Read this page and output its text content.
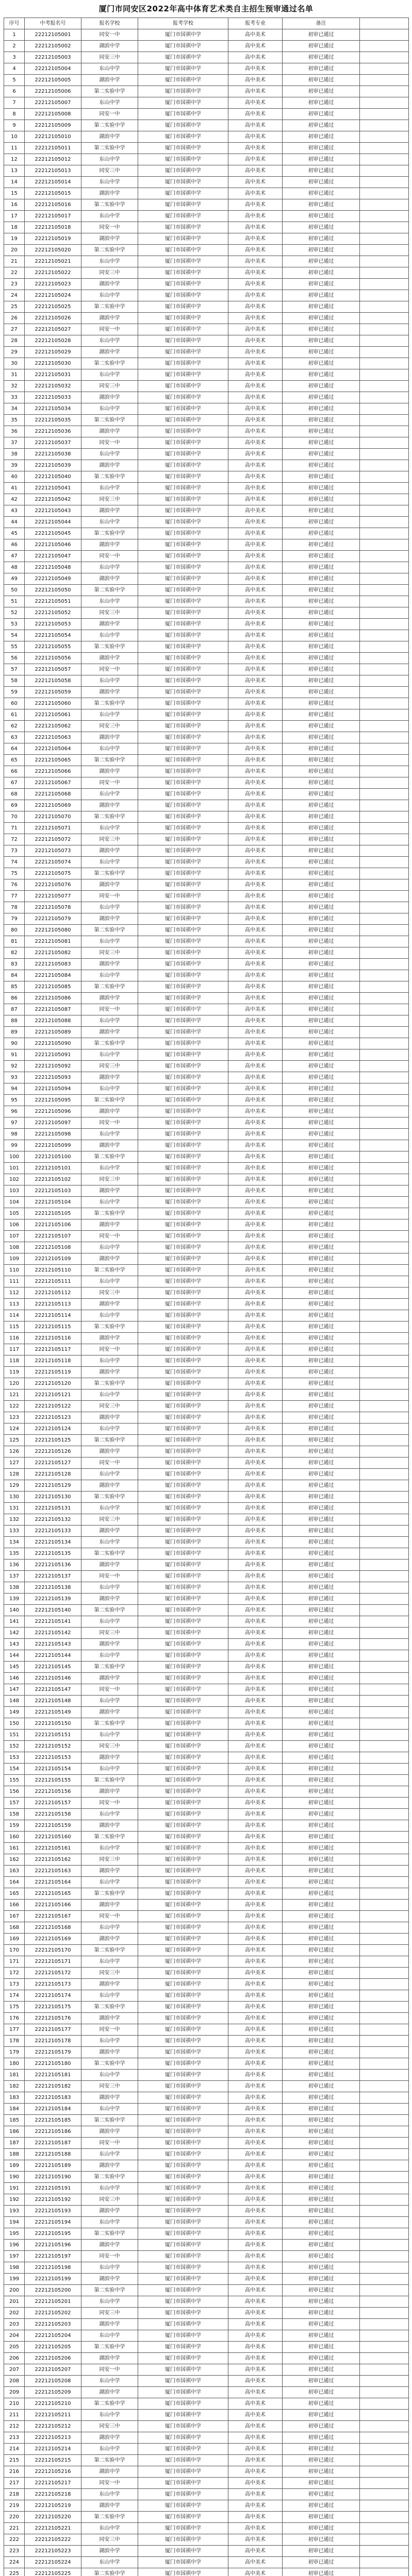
厦门市同安区2022年高中体育艺术类自主招生预审通过名单
序号	中考报名号	报名学校	报考学校	报考专业	备注	
1	22212105001	同安一中	厦门市国祺中学	高中美术	初审已通过	
2	22212105002	湖滨中学	厦门市国祺中学	高中美术	初审已通过	
3	22212105003	同安三中	厦门市国祺中学	高中美术	初审已通过	
4	22212105004	东山中学	厦门市国祺中学	高中美术	初审已通过	
5	22212105005	湖滨中学	厦门市国祺中学	高中美术	初审已通过	
6	22212105006	第二实验中学	厦门市国祺中学	高中美术	初审已通过	
7	22212105007	东山中学	厦门市国祺中学	高中美术	初审已通过	
8	22212105008	同安一中	厦门市国祺中学	高中美术	初审已通过	
9	22212105009	第二实验中学	厦门市国祺中学	高中美术	初审已通过	
10	22212105010	湖滨中学	厦门市国祺中学	高中美术	初审已通过	
11	22212105011	第二实验中学	厦门市国祺中学	高中美术	初审已通过	
12	22212105012	东山中学	厦门市国祺中学	高中美术	初审已通过	
13	22212105013	同安三中	厦门市国祺中学	高中美术	初审已通过	
14	22212105014	东山中学	厦门市国祺中学	高中美术	初审已通过	
15	22212105015	湖滨中学	厦门市国祺中学	高中美术	初审已通过	
16	22212105016	第二实验中学	厦门市国祺中学	高中美术	初审已通过	
17	22212105017	东山中学	厦门市国祺中学	高中美术	初审已通过	
18	22212105018	同安一中	厦门市国祺中学	高中美术	初审已通过	
19	22212105019	湖滨中学	厦门市国祺中学	高中美术	初审已通过	
20	22212105020	第二实验中学	厦门市国祺中学	高中美术	初审已通过	
21	22212105021	东山中学	厦门市国祺中学	高中美术	初审已通过	
22	22212105022	同安三中	厦门市国祺中学	高中美术	初审已通过	
23	22212105023	湖滨中学	厦门市国祺中学	高中美术	初审已通过	
24	22212105024	东山中学	厦门市国祺中学	高中美术	初审已通过	
25	22212105025	第二实验中学	厦门市国祺中学	高中美术	初审已通过	
26	22212105026	湖滨中学	厦门市国祺中学	高中美术	初审已通过	
27	22212105027	同安一中	厦门市国祺中学	高中美术	初审已通过	
28	22212105028	东山中学	厦门市国祺中学	高中美术	初审已通过	
29	22212105029	湖滨中学	厦门市国祺中学	高中美术	初审已通过	
30	22212105030	第二实验中学	厦门市国祺中学	高中美术	初审已通过	
31	22212105031	东山中学	厦门市国祺中学	高中美术	初审已通过	
32	22212105032	同安三中	厦门市国祺中学	高中美术	初审已通过	
33	22212105033	湖滨中学	厦门市国祺中学	高中美术	初审已通过	
34	22212105034	东山中学	厦门市国祺中学	高中美术	初审已通过	
35	22212105035	第二实验中学	厦门市国祺中学	高中美术	初审已通过	
36	22212105036	湖滨中学	厦门市国祺中学	高中美术	初审已通过	
37	22212105037	同安一中	厦门市国祺中学	高中美术	初审已通过	
38	22212105038	东山中学	厦门市国祺中学	高中美术	初审已通过	
39	22212105039	湖滨中学	厦门市国祺中学	高中美术	初审已通过	
40	22212105040	第二实验中学	厦门市国祺中学	高中美术	初审已通过	
41	22212105041	东山中学	厦门市国祺中学	高中美术	初审已通过	
42	22212105042	同安三中	厦门市国祺中学	高中美术	初审已通过	
43	22212105043	湖滨中学	厦门市国祺中学	高中美术	初审已通过	
44	22212105044	东山中学	厦门市国祺中学	高中美术	初审已通过	
45	22212105045	第二实验中学	厦门市国祺中学	高中美术	初审已通过	
46	22212105046	湖滨中学	厦门市国祺中学	高中美术	初审已通过	
47	22212105047	同安一中	厦门市国祺中学	高中美术	初审已通过	
48	22212105048	东山中学	厦门市国祺中学	高中美术	初审已通过	
49	22212105049	湖滨中学	厦门市国祺中学	高中美术	初审已通过	
50	22212105050	第二实验中学	厦门市国祺中学	高中美术	初审已通过	
51	22212105051	东山中学	厦门市国祺中学	高中美术	初审已通过	
52	22212105052	同安三中	厦门市国祺中学	高中美术	初审已通过	
53	22212105053	湖滨中学	厦门市国祺中学	高中美术	初审已通过	
54	22212105054	东山中学	厦门市国祺中学	高中美术	初审已通过	
55	22212105055	第二实验中学	厦门市国祺中学	高中美术	初审已通过	
56	22212105056	湖滨中学	厦门市国祺中学	高中美术	初审已通过	
57	22212105057	同安一中	厦门市国祺中学	高中美术	初审已通过	
58	22212105058	东山中学	厦门市国祺中学	高中美术	初审已通过	
59	22212105059	湖滨中学	厦门市国祺中学	高中美术	初审已通过	
60	22212105060	第二实验中学	厦门市国祺中学	高中美术	初审已通过	
61	22212105061	东山中学	厦门市国祺中学	高中美术	初审已通过	
62	22212105062	同安三中	厦门市国祺中学	高中美术	初审已通过	
63	22212105063	湖滨中学	厦门市国祺中学	高中美术	初审已通过	
64	22212105064	东山中学	厦门市国祺中学	高中美术	初审已通过	
65	22212105065	第二实验中学	厦门市国祺中学	高中美术	初审已通过	
66	22212105066	湖滨中学	厦门市国祺中学	高中美术	初审已通过	
67	22212105067	同安一中	厦门市国祺中学	高中美术	初审已通过	
68	22212105068	东山中学	厦门市国祺中学	高中美术	初审已通过	
69	22212105069	湖滨中学	厦门市国祺中学	高中美术	初审已通过	
70	22212105070	第二实验中学	厦门市国祺中学	高中美术	初审已通过	
71	22212105071	东山中学	厦门市国祺中学	高中美术	初审已通过	
72	22212105072	同安三中	厦门市国祺中学	高中美术	初审已通过	
73	22212105073	湖滨中学	厦门市国祺中学	高中美术	初审已通过	
74	22212105074	东山中学	厦门市国祺中学	高中美术	初审已通过	
75	22212105075	第二实验中学	厦门市国祺中学	高中美术	初审已通过	
76	22212105076	湖滨中学	厦门市国祺中学	高中美术	初审已通过	
77	22212105077	同安一中	厦门市国祺中学	高中美术	初审已通过	
78	22212105078	东山中学	厦门市国祺中学	高中美术	初审已通过	
79	22212105079	湖滨中学	厦门市国祺中学	高中美术	初审已通过	
80	22212105080	第二实验中学	厦门市国祺中学	高中美术	初审已通过	
81	22212105081	东山中学	厦门市国祺中学	高中美术	初审已通过	
82	22212105082	同安三中	厦门市国祺中学	高中美术	初审已通过	
83	22212105083	湖滨中学	厦门市国祺中学	高中美术	初审已通过	
84	22212105084	东山中学	厦门市国祺中学	高中美术	初审已通过	
85	22212105085	第二实验中学	厦门市国祺中学	高中美术	初审已通过	
86	22212105086	湖滨中学	厦门市国祺中学	高中美术	初审已通过	
87	22212105087	同安一中	厦门市国祺中学	高中美术	初审已通过	
88	22212105088	东山中学	厦门市国祺中学	高中美术	初审已通过	
89	22212105089	湖滨中学	厦门市国祺中学	高中美术	初审已通过	
90	22212105090	第二实验中学	厦门市国祺中学	高中美术	初审已通过	
91	22212105091	东山中学	厦门市国祺中学	高中美术	初审已通过	
92	22212105092	同安三中	厦门市国祺中学	高中美术	初审已通过	
93	22212105093	湖滨中学	厦门市国祺中学	高中美术	初审已通过	
94	22212105094	东山中学	厦门市国祺中学	高中美术	初审已通过	
95	22212105095	第二实验中学	厦门市国祺中学	高中美术	初审已通过	
96	22212105096	湖滨中学	厦门市国祺中学	高中美术	初审已通过	
97	22212105097	同安一中	厦门市国祺中学	高中美术	初审已通过	
98	22212105098	东山中学	厦门市国祺中学	高中美术	初审已通过	
99	22212105099	湖滨中学	厦门市国祺中学	高中美术	初审已通过	
100	22212105100	第二实验中学	厦门市国祺中学	高中美术	初审已通过	
101	22212105101	东山中学	厦门市国祺中学	高中美术	初审已通过	
102	22212105102	同安三中	厦门市国祺中学	高中美术	初审已通过	
103	22212105103	湖滨中学	厦门市国祺中学	高中美术	初审已通过	
104	22212105104	东山中学	厦门市国祺中学	高中美术	初审已通过	
105	22212105105	第二实验中学	厦门市国祺中学	高中美术	初审已通过	
106	22212105106	湖滨中学	厦门市国祺中学	高中美术	初审已通过	
107	22212105107	同安一中	厦门市国祺中学	高中美术	初审已通过	
108	22212105108	东山中学	厦门市国祺中学	高中美术	初审已通过	
109	22212105109	湖滨中学	厦门市国祺中学	高中美术	初审已通过	
110	22212105110	第二实验中学	厦门市国祺中学	高中美术	初审已通过	
111	22212105111	东山中学	厦门市国祺中学	高中美术	初审已通过	
112	22212105112	同安三中	厦门市国祺中学	高中美术	初审已通过	
113	22212105113	湖滨中学	厦门市国祺中学	高中美术	初审已通过	
114	22212105114	东山中学	厦门市国祺中学	高中美术	初审已通过	
115	22212105115	第二实验中学	厦门市国祺中学	高中美术	初审已通过	
116	22212105116	湖滨中学	厦门市国祺中学	高中美术	初审已通过	
117	22212105117	同安一中	厦门市国祺中学	高中美术	初审已通过	
118	22212105118	东山中学	厦门市国祺中学	高中美术	初审已通过	
119	22212105119	湖滨中学	厦门市国祺中学	高中美术	初审已通过	
120	22212105120	第二实验中学	厦门市国祺中学	高中美术	初审已通过	
121	22212105121	东山中学	厦门市国祺中学	高中美术	初审已通过	
122	22212105122	同安三中	厦门市国祺中学	高中美术	初审已通过	
123	22212105123	湖滨中学	厦门市国祺中学	高中美术	初审已通过	
124	22212105124	东山中学	厦门市国祺中学	高中美术	初审已通过	
125	22212105125	第二实验中学	厦门市国祺中学	高中美术	初审已通过	
126	22212105126	湖滨中学	厦门市国祺中学	高中美术	初审已通过	
127	22212105127	同安一中	厦门市国祺中学	高中美术	初审已通过	
128	22212105128	东山中学	厦门市国祺中学	高中美术	初审已通过	
129	22212105129	湖滨中学	厦门市国祺中学	高中美术	初审已通过	
130	22212105130	第二实验中学	厦门市国祺中学	高中美术	初审已通过	
131	22212105131	东山中学	厦门市国祺中学	高中美术	初审已通过	
132	22212105132	同安三中	厦门市国祺中学	高中美术	初审已通过	
133	22212105133	湖滨中学	厦门市国祺中学	高中美术	初审已通过	
134	22212105134	东山中学	厦门市国祺中学	高中美术	初审已通过	
135	22212105135	第二实验中学	厦门市国祺中学	高中美术	初审已通过	
136	22212105136	湖滨中学	厦门市国祺中学	高中美术	初审已通过	
137	22212105137	同安一中	厦门市国祺中学	高中美术	初审已通过	
138	22212105138	东山中学	厦门市国祺中学	高中美术	初审已通过	
139	22212105139	湖滨中学	厦门市国祺中学	高中美术	初审已通过	
140	22212105140	第二实验中学	厦门市国祺中学	高中美术	初审已通过	
141	22212105141	东山中学	厦门市国祺中学	高中美术	初审已通过	
142	22212105142	同安三中	厦门市国祺中学	高中美术	初审已通过	
143	22212105143	湖滨中学	厦门市国祺中学	高中美术	初审已通过	
144	22212105144	东山中学	厦门市国祺中学	高中美术	初审已通过	
145	22212105145	第二实验中学	厦门市国祺中学	高中美术	初审已通过	
146	22212105146	湖滨中学	厦门市国祺中学	高中美术	初审已通过	
147	22212105147	同安一中	厦门市国祺中学	高中美术	初审已通过	
148	22212105148	东山中学	厦门市国祺中学	高中美术	初审已通过	
149	22212105149	湖滨中学	厦门市国祺中学	高中美术	初审已通过	
150	22212105150	第二实验中学	厦门市国祺中学	高中美术	初审已通过	
151	22212105151	东山中学	厦门市国祺中学	高中美术	初审已通过	
152	22212105152	同安三中	厦门市国祺中学	高中美术	初审已通过	
153	22212105153	湖滨中学	厦门市国祺中学	高中美术	初审已通过	
154	22212105154	东山中学	厦门市国祺中学	高中美术	初审已通过	
155	22212105155	第二实验中学	厦门市国祺中学	高中美术	初审已通过	
156	22212105156	湖滨中学	厦门市国祺中学	高中美术	初审已通过	
157	22212105157	同安一中	厦门市国祺中学	高中美术	初审已通过	
158	22212105158	东山中学	厦门市国祺中学	高中美术	初审已通过	
159	22212105159	湖滨中学	厦门市国祺中学	高中美术	初审已通过	
160	22212105160	第二实验中学	厦门市国祺中学	高中美术	初审已通过	
161	22212105161	东山中学	厦门市国祺中学	高中美术	初审已通过	
162	22212105162	同安三中	厦门市国祺中学	高中美术	初审已通过	
163	22212105163	湖滨中学	厦门市国祺中学	高中美术	初审已通过	
164	22212105164	东山中学	厦门市国祺中学	高中美术	初审已通过	
165	22212105165	第二实验中学	厦门市国祺中学	高中美术	初审已通过	
166	22212105166	湖滨中学	厦门市国祺中学	高中美术	初审已通过	
167	22212105167	同安一中	厦门市国祺中学	高中美术	初审已通过	
168	22212105168	东山中学	厦门市国祺中学	高中美术	初审已通过	
169	22212105169	湖滨中学	厦门市国祺中学	高中美术	初审已通过	
170	22212105170	第二实验中学	厦门市国祺中学	高中美术	初审已通过	
171	22212105171	东山中学	厦门市国祺中学	高中美术	初审已通过	
172	22212105172	同安三中	厦门市国祺中学	高中美术	初审已通过	
173	22212105173	湖滨中学	厦门市国祺中学	高中美术	初审已通过	
174	22212105174	东山中学	厦门市国祺中学	高中美术	初审已通过	
175	22212105175	第二实验中学	厦门市国祺中学	高中美术	初审已通过	
176	22212105176	湖滨中学	厦门市国祺中学	高中美术	初审已通过	
177	22212105177	同安一中	厦门市国祺中学	高中美术	初审已通过	
178	22212105178	东山中学	厦门市国祺中学	高中美术	初审已通过	
179	22212105179	湖滨中学	厦门市国祺中学	高中美术	初审已通过	
180	22212105180	第二实验中学	厦门市国祺中学	高中美术	初审已通过	
181	22212105181	东山中学	厦门市国祺中学	高中美术	初审已通过	
182	22212105182	同安三中	厦门市国祺中学	高中美术	初审已通过	
183	22212105183	湖滨中学	厦门市国祺中学	高中美术	初审已通过	
184	22212105184	东山中学	厦门市国祺中学	高中美术	初审已通过	
185	22212105185	第二实验中学	厦门市国祺中学	高中美术	初审已通过	
186	22212105186	湖滨中学	厦门市国祺中学	高中美术	初审已通过	
187	22212105187	同安一中	厦门市国祺中学	高中美术	初审已通过	
188	22212105188	东山中学	厦门市国祺中学	高中美术	初审已通过	
189	22212105189	湖滨中学	厦门市国祺中学	高中美术	初审已通过	
190	22212105190	第二实验中学	厦门市国祺中学	高中美术	初审已通过	
191	22212105191	东山中学	厦门市国祺中学	高中美术	初审已通过	
192	22212105192	同安三中	厦门市国祺中学	高中美术	初审已通过	
193	22212105193	湖滨中学	厦门市国祺中学	高中美术	初审已通过	
194	22212105194	东山中学	厦门市国祺中学	高中美术	初审已通过	
195	22212105195	第二实验中学	厦门市国祺中学	高中美术	初审已通过	
196	22212105196	湖滨中学	厦门市国祺中学	高中美术	初审已通过	
197	22212105197	同安一中	厦门市国祺中学	高中美术	初审已通过	
198	22212105198	东山中学	厦门市国祺中学	高中美术	初审已通过	
199	22212105199	湖滨中学	厦门市国祺中学	高中美术	初审已通过	
200	22212105200	第二实验中学	厦门市国祺中学	高中美术	初审已通过	
201	22212105201	东山中学	厦门市国祺中学	高中美术	初审已通过	
202	22212105202	同安三中	厦门市国祺中学	高中美术	初审已通过	
203	22212105203	湖滨中学	厦门市国祺中学	高中美术	初审已通过	
204	22212105204	东山中学	厦门市国祺中学	高中美术	初审已通过	
205	22212105205	第二实验中学	厦门市国祺中学	高中美术	初审已通过	
206	22212105206	湖滨中学	厦门市国祺中学	高中美术	初审已通过	
207	22212105207	同安一中	厦门市国祺中学	高中美术	初审已通过	
208	22212105208	东山中学	厦门市国祺中学	高中美术	初审已通过	
209	22212105209	湖滨中学	厦门市国祺中学	高中美术	初审已通过	
210	22212105210	第二实验中学	厦门市国祺中学	高中美术	初审已通过	
211	22212105211	东山中学	厦门市国祺中学	高中美术	初审已通过	
212	22212105212	同安三中	厦门市国祺中学	高中美术	初审已通过	
213	22212105213	湖滨中学	厦门市国祺中学	高中美术	初审已通过	
214	22212105214	东山中学	厦门市国祺中学	高中美术	初审已通过	
215	22212105215	第二实验中学	厦门市国祺中学	高中美术	初审已通过	
216	22212105216	湖滨中学	厦门市国祺中学	高中美术	初审已通过	
217	22212105217	同安一中	厦门市国祺中学	高中美术	初审已通过	
218	22212105218	东山中学	厦门市国祺中学	高中美术	初审已通过	
219	22212105219	湖滨中学	厦门市国祺中学	高中美术	初审已通过	
220	22212105220	第二实验中学	厦门市国祺中学	高中美术	初审已通过	
221	22212105221	东山中学	厦门市国祺中学	高中美术	初审已通过	
222	22212105222	同安三中	厦门市国祺中学	高中美术	初审已通过	
223	22212105223	湖滨中学	厦门市国祺中学	高中美术	初审已通过	
224	22212105224	东山中学	厦门市国祺中学	高中美术	初审已通过	
225	22212105225	第二实验中学	厦门市国祺中学	高中美术	初审已通过	
